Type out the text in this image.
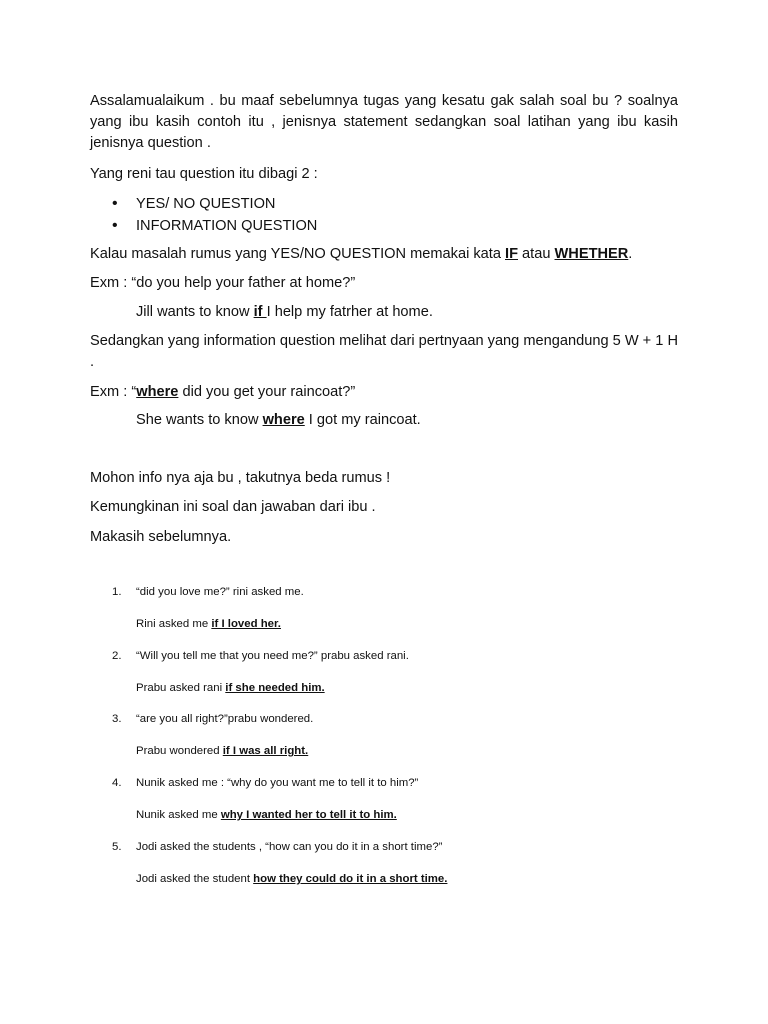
Assalamualaikum . bu maaf sebelumnya tugas yang kesatu gak salah soal bu ? soalnya yang ibu kasih contoh itu , jenisnya statement sedangkan soal latihan yang ibu kasih jenisnya question .

Yang reni tau question itu dibagi 2 :

• YES/ NO QUESTION
• INFORMATION QUESTION

Kalau masalah rumus yang YES/NO QUESTION memakai kata IF atau WHETHER.

Exm : “do you help your father at home?”

Jill wants to know if I help my fatrher at home.

Sedangkan yang information question melihat dari pertnyaan yang mengandung 5 W + 1 H .

Exm : “where did you get your raincoat?”

She wants to know where I got my raincoat.

Mohon info nya aja bu , takutnya beda rumus !

Kemungkinan ini soal dan jawaban dari ibu .

Makasih sebelumnya.

1.	“did you love me?” rini asked me.

Rini asked me if I loved her.

2.	“Will you tell me that you need me?” prabu asked rani.

Prabu asked rani if she needed him.

3.	“are you all right?”prabu wondered.

Prabu wondered if I was all right.

4.	Nunik asked me : “why do you want me to tell it to him?”

Nunik asked me why I wanted her to tell it to him.

5.	Jodi asked the students , “how can you do it in a short time?”

Jodi asked the student how they could do it in a short time.
